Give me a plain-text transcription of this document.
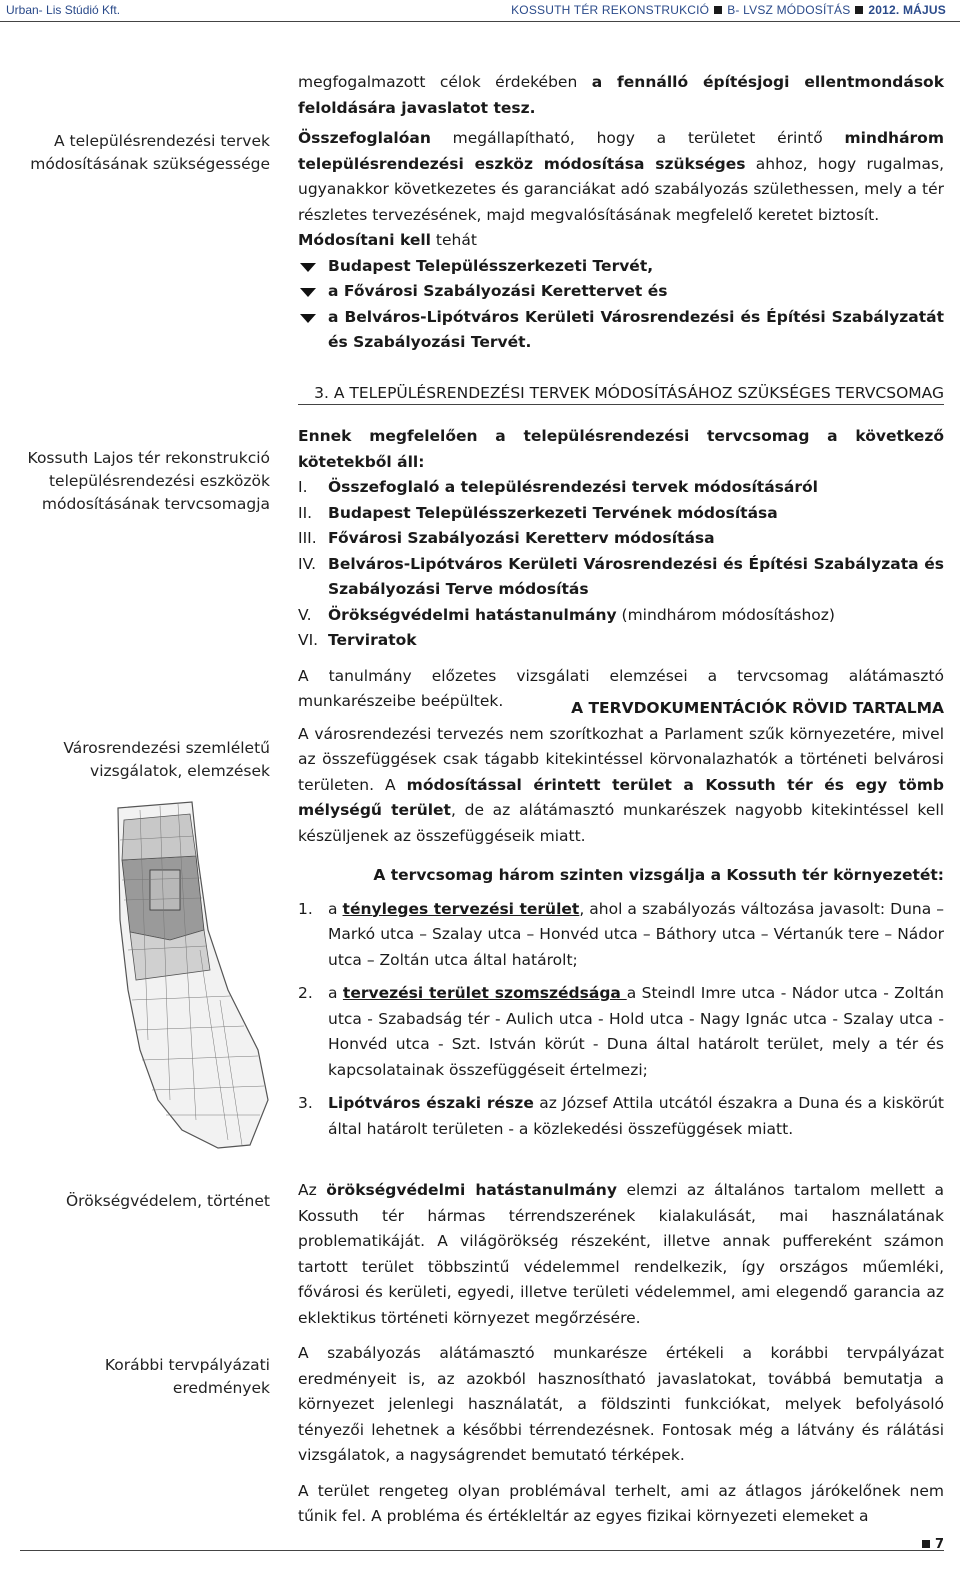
Urban- Lis Stúdió Kft.	KOSSUTH TÉR REKONSTRUKCIÓ B- LVSZ MÓDOSÍTÁS 2012. MÁJUS
A településrendezési tervek módosításának szükségessége
Kossuth Lajos tér rekonstrukció településrendezési eszközök módosításának tervcsomagja
Városrendezési szemléletű vizsgálatok, elemzések
Örökségvédelem, történet
Korábbi tervpályázati eredmények

megfogalmazott célok érdekében a fennálló építésjogi ellentmondások feloldására javaslatot tesz.

Összefoglalóan megállapítható, hogy a területet érintő mindhárom településrendezési eszköz módosítása szükséges ahhoz, hogy rugalmas, ugyanakkor következetes és garanciákat adó szabályozás születhessen, mely a tér részletes tervezésének, majd megvalósításának megfelelő keretet biztosít.

Módosítani kell tehát

Budapest Településszerkezeti Tervét,
a Fővárosi Szabályozási Kerettervet és
a Belváros-Lipótváros Kerületi Városrendezési és Építési Szabályzatát és Szabályozási Tervét.
3. A TELEPÜLÉSRENDEZÉSI TERVEK MÓDOSÍTÁSÁHOZ SZÜKSÉGES TERVCSOMAG

Ennek megfelelően a településrendezési tervcsomag a következő kötetekből áll:

I. Összefoglaló a településrendezési tervek módosításáról
II. Budapest Településszerkezeti Tervének módosítása
III. Fővárosi Szabályozási Keretterv módosítása
IV. Belváros-Lipótváros Kerületi Városrendezési és Építési Szabályzata és Szabályozási Terve módosítás
V. Örökségvédelmi hatástanulmány (mindhárom módosításhoz)
VI. Terviratok

A tanulmány előzetes vizsgálati elemzései a tervcsomag alátámasztó munkarészeibe beépültek.	A TERVDOKUMENTÁCIÓK RÖVID TARTALMA

A városrendezési tervezés nem szorítkozhat a Parlament szűk környezetére, mivel az összefüggések csak tágabb kitekintéssel körvonalazhatók a történeti belvárosi területen. A módosítással érintett terület a Kossuth tér és egy tömb mélységű terület, de az alátámasztó munkarészek nagyobb kitekintéssel kell készüljenek az összefüggéseik miatt.

A tervcsomag három szinten vizsgálja a Kossuth tér környezetét:

1. a tényleges tervezési terület, ahol a szabályozás változása javasolt: Duna – Markó utca – Szalay utca – Honvéd utca – Báthory utca – Vértanúk tere – Nádor utca – Zoltán utca által határolt;
2. a tervezési terület szomszédsága a Steindl Imre utca - Nádor utca - Zoltán utca - Szabadság tér - Aulich utca - Hold utca - Nagy Ignác utca - Szalay utca - Honvéd utca - Szt. István körút - Duna által határolt terület, mely a tér és kapcsolatainak összefüggéseit értelmezi;
3. Lipótváros északi része az József Attila utcától északra a Duna és a kiskörút által határolt területen - a közlekedési összefüggések miatt.

Az örökségvédelmi hatástanulmány elemzi az általános tartalom mellett a Kossuth tér hármas térrendszerének kialakulását, mai használatának problematikáját. A világörökség részeként, illetve annak puffereként számon tartott terület többszintű védelemmel rendelkezik, így országos műemléki, fővárosi és kerületi, egyedi, illetve területi védelemmel, ami elegendő garancia az eklektikus történeti környezet megőrzésére.

A szabályozás alátámasztó munkarésze értékeli a korábbi tervpályázat eredményeit is, az azokból hasznosítható javaslatokat, továbbá bemutatja a környezet jelenlegi használatát, a földszinti funkciókat, melyek befolyásoló tényezői lehetnek a későbbi térrendezésnek. Fontosak még a látvány és rálátási vizsgálatok, a nagyságrendet bemutató térképek.

A terület rengeteg olyan problémával terhelt, ami az átlagos járókelőnek nem tűnik fel. A probléma és értékleltár az egyes fizikai környezeti elemeket a

7
